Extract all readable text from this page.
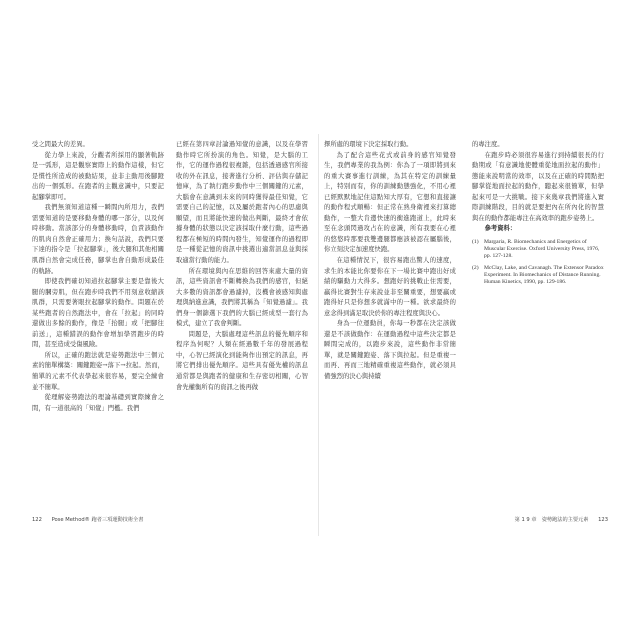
受之間最大的差異。

從力學上來說，分觀者所採用的顯著軌跡是一弧形，這是觀察實際上的動作這樣，但它是慣性所造成的被動結果，並非主動用後腳蹬出的一個弧形。在跑者的主觀意識中，只要記起腳掌即可。

我們無須知道這種一瞬間內所用力，我們需要知道的是要移動身體的哪一部分，以及何時移動。當該部分的身體移動時，負責該動作的肌肉自然會正確用力；換句話說，我們只要下達的指令是「拉起腳掌」，後大腿和其他相關肌群自然會完成任務，腳掌也會自動形成最佳的軌跡。

即使我們確切知道拉起腳掌主要是靠後大腿的膕旁肌，但在跑步時我們不用刻意收縮該肌群，只需要著眼拉起腳掌的動作。問題在於某些跑者的自然跑法中，會在「拉起」的同時還做出多餘的動作，像是「抬腿」或「把腳往前送」，這種錯誤的動作會增加學習跑步的時間，甚至造成受傷風險。

所以，正確的跑法就是姿勢跑法中三個元素的簡單構築：關鍵跑姿→落下→拉起。然而，簡單的元素不代表學起來很容易，要完全練會並不簡單。

從理解姿勢跑法的理論基礎到實際練會之間，有一道很高的「知覺」門檻。我們

已經在第四章討論過知覺的意識，以及在學習動作時它所扮演的角色。知覺，是大腦的工作，它的運作過程很複雜，包括透過感官所接收的外在訊息，接著進行分析、評估與存儲記憶庫，為了執行跑步動作中三個關鍵的元素，大腦會在意識到未來的同時獲得最佳知覺，它需要自己的記憶，以及屬於跑者內心的思慮與願望，而且將能快速的做出判斷，最終才會依據身體的狀態以決定該採取什麼行動，這些過程都在極短的時間內發生，知覺運作的過程即是一種從記憶的資訊中挑選出適當訊息並與採取適當行動的能力。

所在環境與內在思維的回答來處大量的資訊，這些資訊會不斷轉換為我們的感官，但絕大多數的資訊都會過濾掉，沒機會被感知與處理與納進意識，我們將其稱為「知覺過濾」。我們身一個篩選下我們的大腦已經成型一套行為模式，建立了我會判斷。

問題是，大腦處理這些訊息的優先順序和程序為何呢？人類在經過數千年的發展過程中，心智已經演化到能夠作出預定的訊息，再將它們排出優先順序。這些具有優先權的訊息通常都是與跑者的健康和生存密切相關，心智會先權衡所有的資訊之後再做

122 Pose Method® 跑者三項運動技術全書

擇所處的環境下決定採取行動。

為了配合這些花式或前身的感官知覺發生，我們專業的我為例：你為了一項即將到來的重大賽事進行訓練，為其在特定的訓練量上，特別而有，你的訓練動態強化，不用心裡已經默默地記住這點知大厚有，它想和直接讓的動作程式順暢：但正常在熟身衛裡來打算總動作，一整大肯邊快速的衝進跑道上，此時來至在念頭閃過攻占在的意識，所有我要在心裡的悠悠時那要我雙邊腿都應該被認在屬腦後，你立刻決定加速度快跑。

在這種情況下，很容易跑出驚人的速度，求生的本能比你要你在下一場比賽中跑出好成績的驅動力大得多。想跑好的挑戰止住需要，贏得比賽對生存來說並非至關重要，想要贏或跑得好只是你想多就滿中的一種。欲求最終的意念得到滿足取決於你的專注程度與決心。

身為一位運動員，你每一秒都在決定該做還是不該做動作：在運動過程中這些決定都是瞬間完成的，以跑步來說，這些動作非常簡單，就是關鍵跑姿、落下與拉起。但是重複一而再、再而三地精確重複這些動作，就必須具備強烈的決心與持續

的專注度。

在跑步時必須很容易進行到持續很長的行動期或「有意識地使體重從地面拉起的動作」態能來說明當的效率，以及在正確的時間點把腳掌從地面拉起的動作，聽起來很簡單，但學起來可是一大挑戰。接下來幾章我們將進入實際訓練階段，目的就是要把內在所內化的智慧與在的動作都能專注在高效率的跑步姿勢上。

參考資料：

(1) Margaria, R. Biomechanics and Energetics of Muscular Exercise. Oxford University Press, 1976, pp. 127-128.
(2) McClay, Lake, and Cavanagh. The Extensor Paradox Experiment. In Biomechanics of Distance Running. Human Kinetics, 1990, pp. 129-186.
第 1 9 章　姿勢跑法的主要元素 123
